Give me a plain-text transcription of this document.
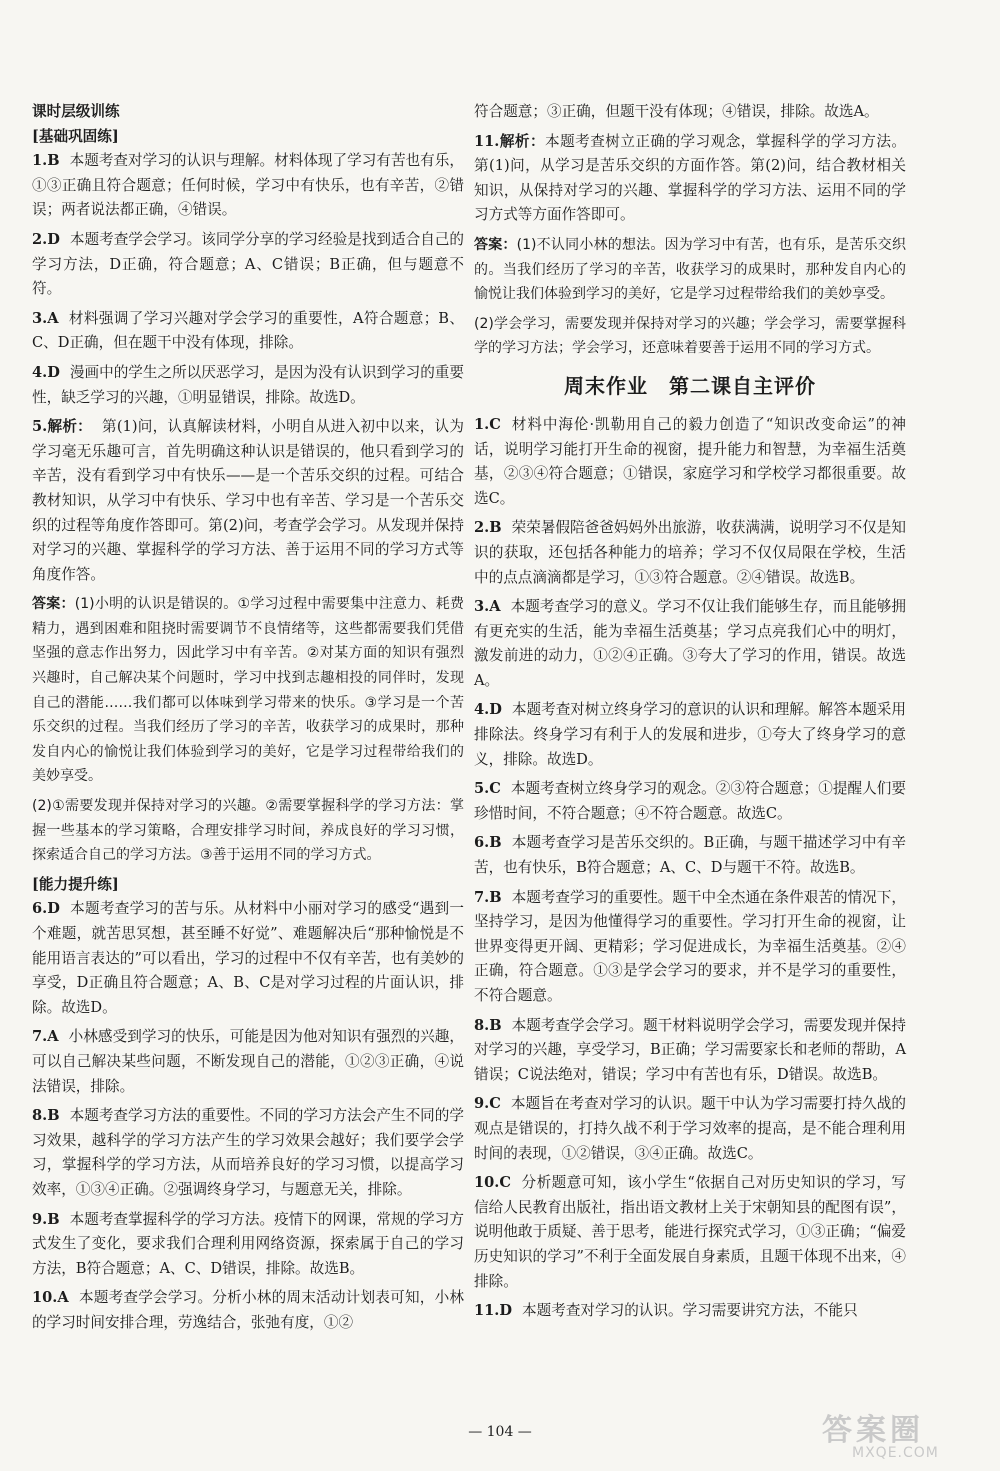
课时层级训练
[基础巩固练]

1.B 本题考查对学习的认识与理解。材料体现了学习有苦也有乐，①③正确且符合题意；任何时候，学习中有快乐，也有辛苦，②错误；两者说法都正确，④错误。

2.D 本题考查学会学习。该同学分享的学习经验是找到适合自己的学习方法，D正确，符合题意；A、C错误；B正确，但与题意不符。

3.A 材料强调了学习兴趣对学会学习的重要性，A符合题意；B、C、D正确，但在题干中没有体现，排除。

4.D 漫画中的学生之所以厌恶学习，是因为没有认识到学习的重要性，缺乏学习的兴趣，①明显错误，排除。故选D。

5.解析： 第(1)问，认真解读材料，小明自从进入初中以来，认为学习毫无乐趣可言，首先明确这种认识是错误的，他只看到学习的辛苦，没有看到学习中有快乐——是一个苦乐交织的过程。可结合教材知识，从学习中有快乐、学习中也有辛苦、学习是一个苦乐交织的过程等角度作答即可。第(2)问，考查学会学习。从发现并保持对学习的兴趣、掌握科学的学习方法、善于运用不同的学习方式等角度作答。

答案：(1)小明的认识是错误的。①学习过程中需要集中注意力、耗费精力，遇到困难和阻挠时需要调节不良情绪等，这些都需要我们凭借坚强的意志作出努力，因此学习中有辛苦。②对某方面的知识有强烈兴趣时，自己解决某个问题时，学习中找到志趣相投的同伴时，发现自己的潜能……我们都可以体味到学习带来的快乐。③学习是一个苦乐交织的过程。当我们经历了学习的辛苦，收获学习的成果时，那种发自内心的愉悦让我们体验到学习的美好，它是学习过程带给我们的美妙享受。

(2)①需要发现并保持对学习的兴趣。②需要掌握科学的学习方法：掌握一些基本的学习策略，合理安排学习时间，养成良好的学习习惯，探索适合自己的学习方法。③善于运用不同的学习方式。

[能力提升练]

6.D 本题考查学习的苦与乐。从材料中小丽对学习的感受“遇到一个难题，就苦思冥想，甚至睡不好觉”、难题解决后“那种愉悦是不能用语言表达的”可以看出，学习的过程中不仅有辛苦，也有美妙的享受，D正确且符合题意；A、B、C是对学习过程的片面认识，排除。故选D。

7.A 小林感受到学习的快乐，可能是因为他对知识有强烈的兴趣，可以自己解决某些问题，不断发现自己的潜能，①②③正确，④说法错误，排除。

8.B 本题考查学习方法的重要性。不同的学习方法会产生不同的学习效果，越科学的学习方法产生的学习效果会越好；我们要学会学习，掌握科学的学习方法，从而培养良好的学习习惯，以提高学习效率，①③④正确。②强调终身学习，与题意无关，排除。

9.B 本题考查掌握科学的学习方法。疫情下的网课，常规的学习方式发生了变化，要求我们合理利用网络资源，探索属于自己的学习方法，B符合题意；A、C、D错误，排除。故选B。

10.A 本题考查学会学习。分析小林的周末活动计划表可知，小林的学习时间安排合理，劳逸结合，张弛有度，①②

符合题意；③正确，但题干没有体现；④错误，排除。故选A。

11.解析：本题考查树立正确的学习观念，掌握科学的学习方法。第(1)问，从学习是苦乐交织的方面作答。第(2)问，结合教材相关知识，从保持对学习的兴趣、掌握科学的学习方法、运用不同的学习方式等方面作答即可。

答案：(1)不认同小林的想法。因为学习中有苦，也有乐，是苦乐交织的。当我们经历了学习的辛苦，收获学习的成果时，那种发自内心的愉悦让我们体验到学习的美好，它是学习过程带给我们的美妙享受。

(2)学会学习，需要发现并保持对学习的兴趣；学会学习，需要掌握科学的学习方法；学会学习，还意味着要善于运用不同的学习方式。

周末作业　第二课自主评价

1.C 材料中海伦·凯勒用自己的毅力创造了“知识改变命运”的神话，说明学习能打开生命的视窗，提升能力和智慧，为幸福生活奠基，②③④符合题意；①错误，家庭学习和学校学习都很重要。故选C。

2.B 荣荣暑假陪爸爸妈妈外出旅游，收获满满，说明学习不仅是知识的获取，还包括各种能力的培养；学习不仅仅局限在学校，生活中的点点滴滴都是学习，①③符合题意。②④错误。故选B。

3.A 本题考查学习的意义。学习不仅让我们能够生存，而且能够拥有更充实的生活，能为幸福生活奠基；学习点亮我们心中的明灯，激发前进的动力，①②④正确。③夸大了学习的作用，错误。故选A。

4.D 本题考查对树立终身学习的意识的认识和理解。解答本题采用排除法。终身学习有利于人的发展和进步，①夸大了终身学习的意义，排除。故选D。

5.C 本题考查树立终身学习的观念。②③符合题意；①提醒人们要珍惜时间，不符合题意；④不符合题意。故选C。

6.B 本题考查学习是苦乐交织的。B正确，与题干描述学习中有辛苦，也有快乐，B符合题意；A、C、D与题干不符。故选B。

7.B 本题考查学习的重要性。题干中全杰通在条件艰苦的情况下，坚持学习，是因为他懂得学习的重要性。学习打开生命的视窗，让世界变得更开阔、更精彩；学习促进成长，为幸福生活奠基。②④正确，符合题意。①③是学会学习的要求，并不是学习的重要性，不符合题意。

8.B 本题考查学会学习。题干材料说明学会学习，需要发现并保持对学习的兴趣，享受学习，B正确；学习需要家长和老师的帮助，A错误；C说法绝对，错误；学习中有苦也有乐，D错误。故选B。

9.C 本题旨在考查对学习的认识。题干中认为学习需要打持久战的观点是错误的，打持久战不利于学习效率的提高，是不能合理利用时间的表现，①②错误，③④正确。故选C。

10.C 分析题意可知，该小学生“依据自己对历史知识的学习，写信给人民教育出版社，指出语文教材上关于宋朝知县的配图有误”，说明他敢于质疑、善于思考，能进行探究式学习，①③正确；“偏爱历史知识的学习”不利于全面发展自身素质，且题干体现不出来，④排除。

11.D 本题考查对学习的认识。学习需要讲究方法，不能只

— 104 —	答案圈
MXQE.COM
